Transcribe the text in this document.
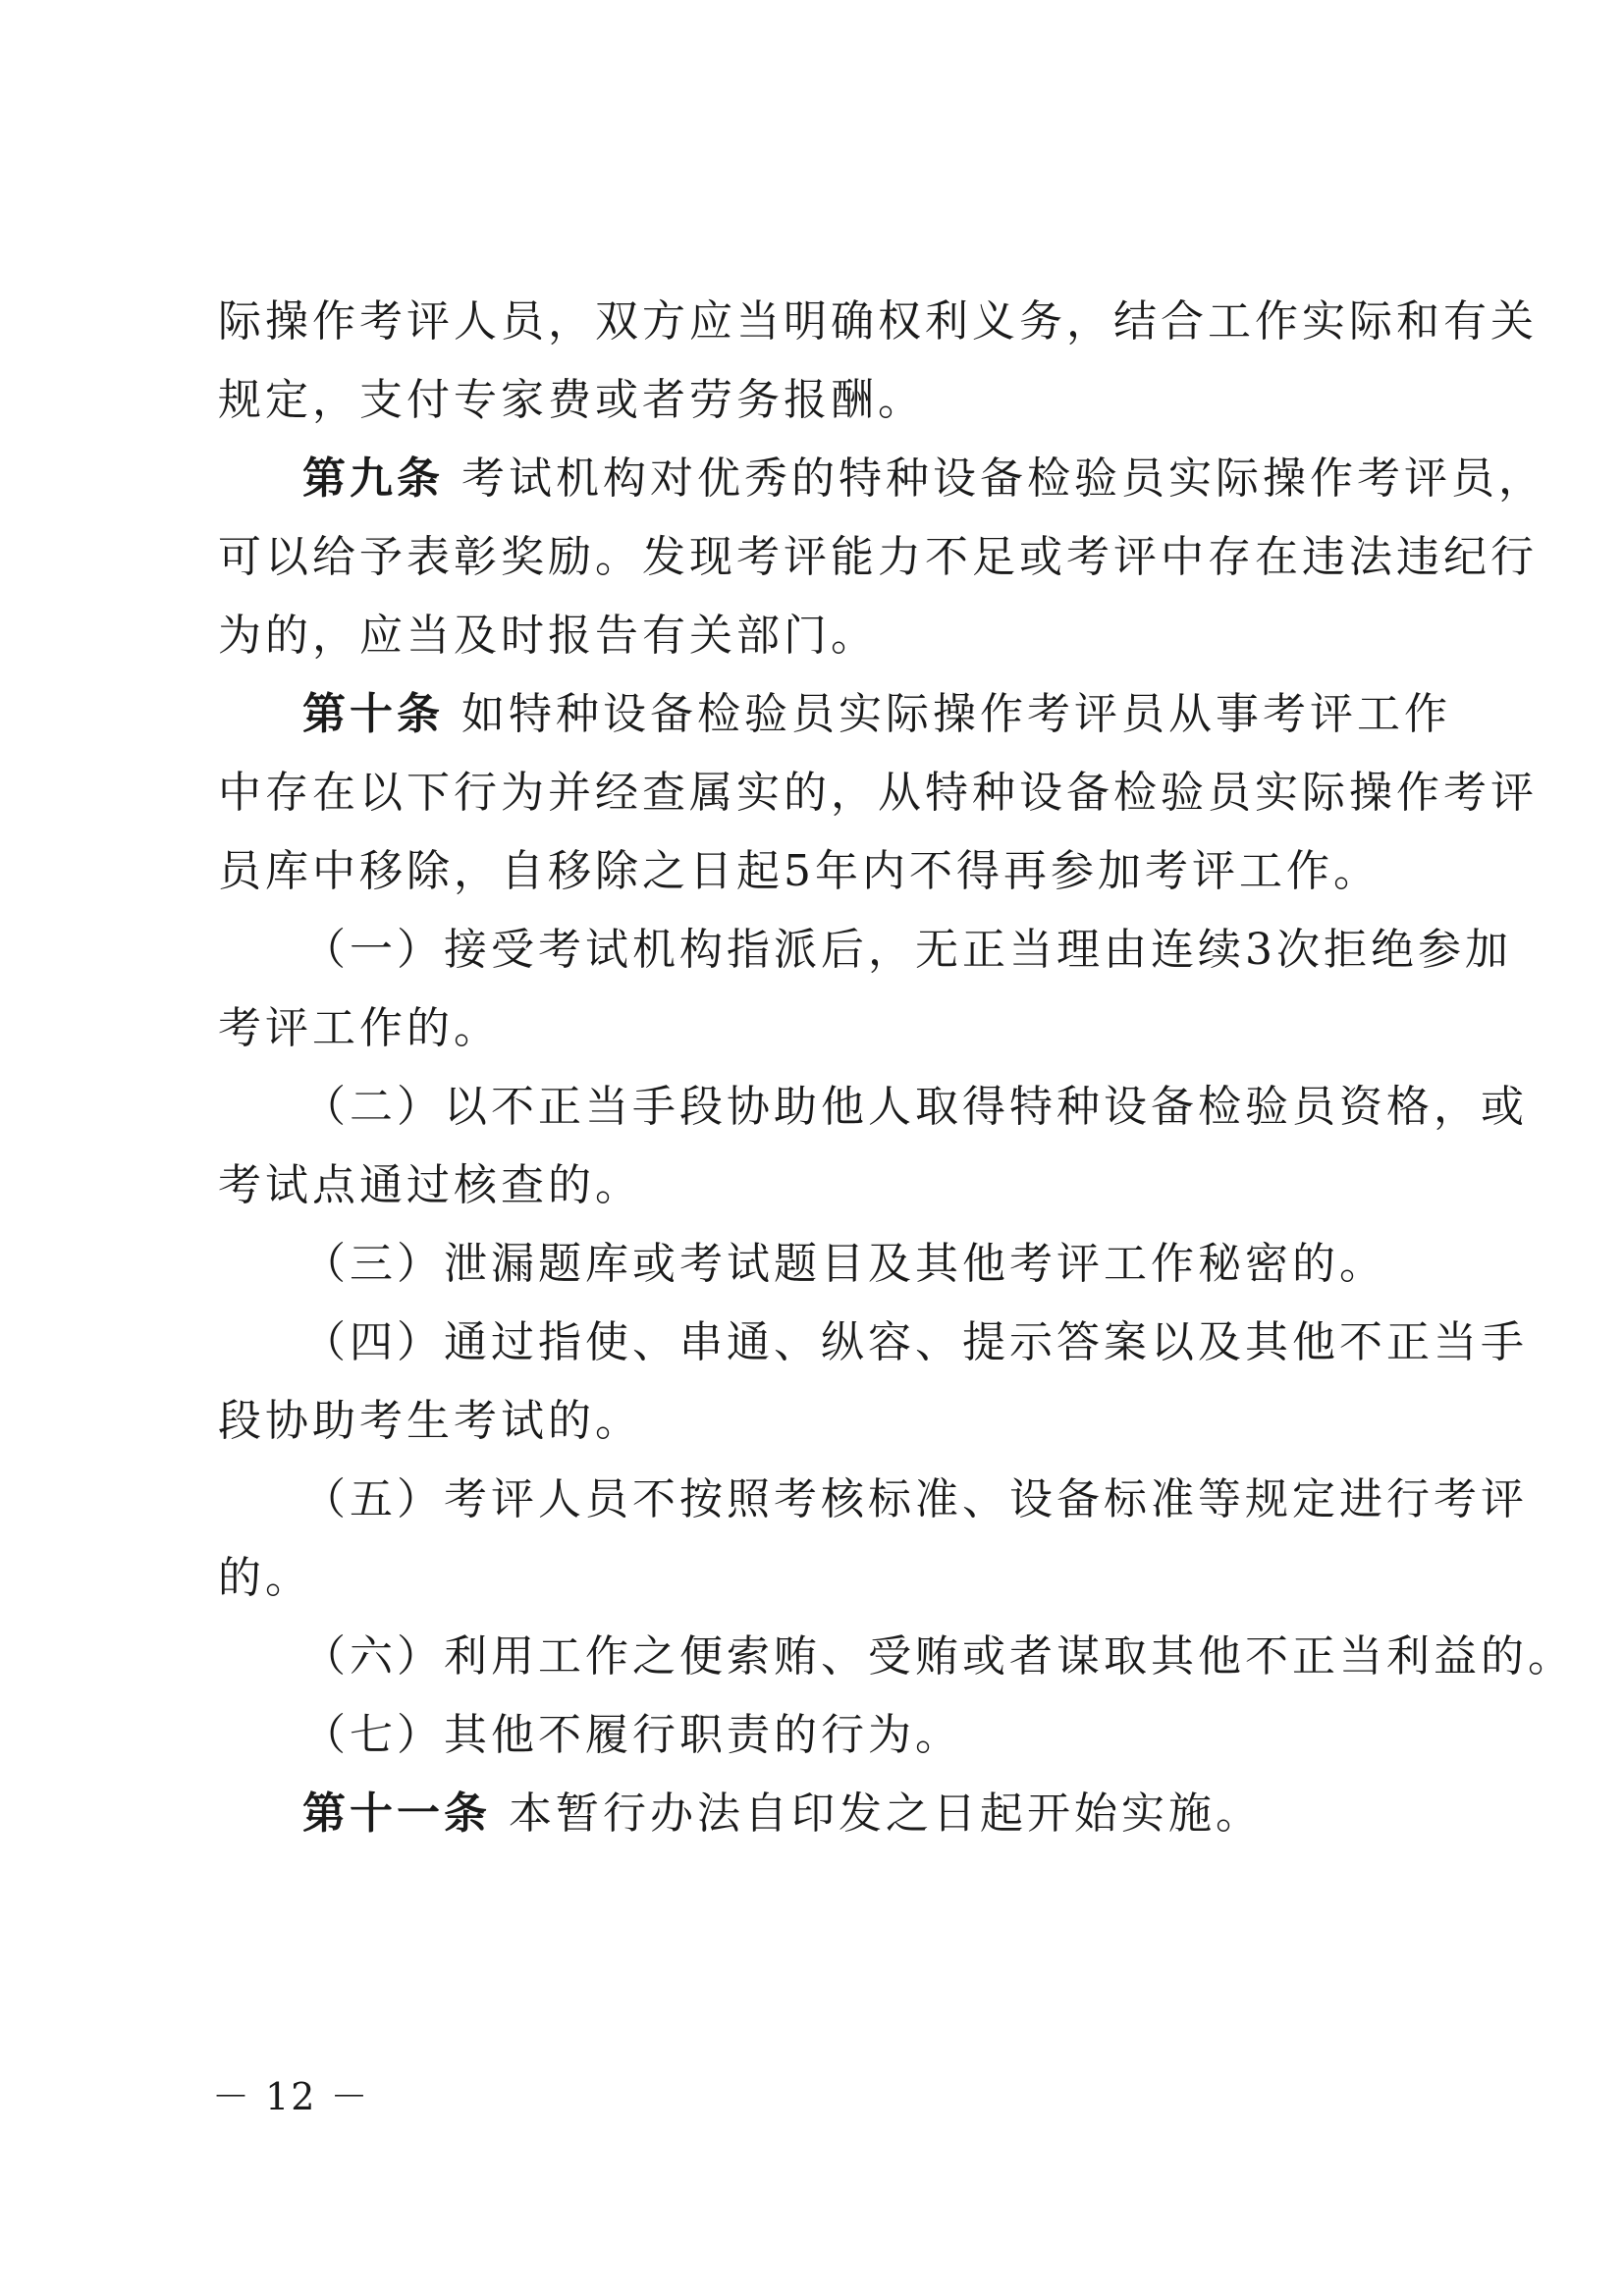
际操作考评人员，双方应当明确权利义务，结合工作实际和有关
规定，支付专家费或者劳务报酬。
第九条 考试机构对优秀的特种设备检验员实际操作考评员，
可以给予表彰奖励。发现考评能力不足或考评中存在违法违纪行
为的，应当及时报告有关部门。
第十条 如特种设备检验员实际操作考评员从事考评工作
中存在以下行为并经查属实的，从特种设备检验员实际操作考评
员库中移除，自移除之日起5年内不得再参加考评工作。
（一）接受考试机构指派后，无正当理由连续3次拒绝参加
考评工作的。
（二）以不正当手段协助他人取得特种设备检验员资格，或
考试点通过核查的。
（三）泄漏题库或考试题目及其他考评工作秘密的。
（四）通过指使、串通、纵容、提示答案以及其他不正当手
段协助考生考试的。
（五）考评人员不按照考核标准、设备标准等规定进行考评
的。
（六）利用工作之便索贿、受贿或者谋取其他不正当利益的。
（七）其他不履行职责的行为。
第十一条 本暂行办法自印发之日起开始实施。
－ 12 －
